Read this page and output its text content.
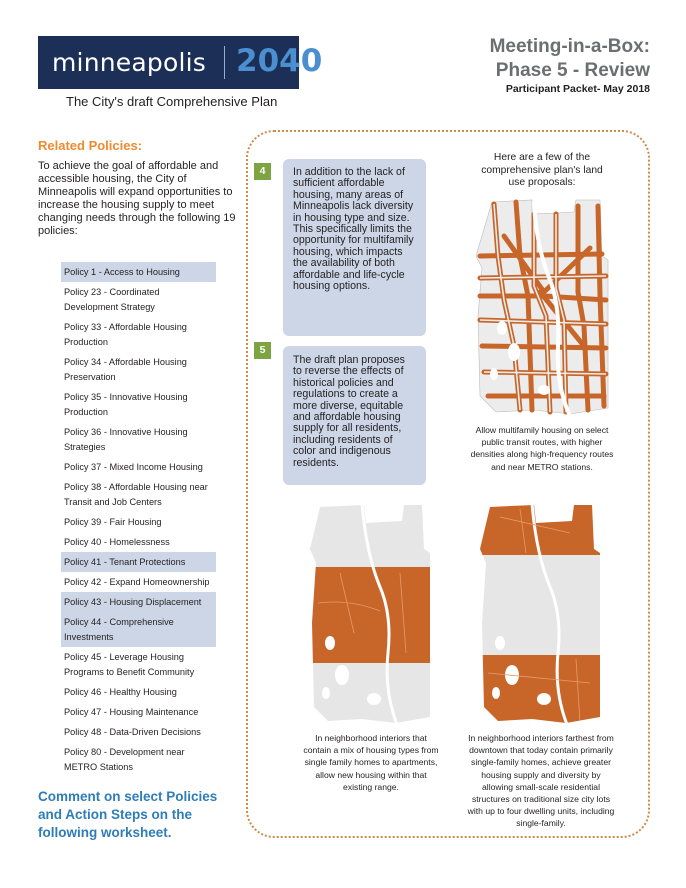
minneapolis 2040
The City's draft Comprehensive Plan
Meeting-in-a-Box:
Phase 5 - Review
Participant Packet- May 2018
Related Policies:
To achieve the goal of affordable and accessible housing, the City of Minneapolis will expand opportunities to increase the housing supply to meet changing needs through the following 19 policies:
Policy 1 - Access to Housing
Policy 23 - Coordinated Development Strategy
Policy 33 - Affordable Housing Production
Policy 34 - Affordable Housing Preservation
Policy 35 - Innovative Housing Production
Policy 36 - Innovative Housing Strategies
Policy 37 - Mixed Income Housing
Policy 38 - Affordable Housing near Transit and Job Centers
Policy 39 - Fair Housing
Policy 40 - Homelessness
Policy 41 - Tenant Protections
Policy 42 - Expand Homeownership
Policy 43 - Housing Displacement
Policy 44 - Comprehensive Investments
Policy 45 - Leverage Housing Programs to Benefit Community
Policy 46 - Healthy Housing
Policy 47 - Housing Maintenance
Policy 48 - Data-Driven Decisions
Policy 80 - Development near METRO Stations
Comment on select Policies and Action Steps on the following worksheet.
4	In addition to the lack of sufficient affordable housing, many areas of Minneapolis lack diversity in housing type and size. This specifically limits the opportunity for multifamily housing, which impacts the availability of both affordable and life-cycle housing options.
5
The draft plan proposes to reverse the effects of historical policies and regulations to create a more diverse, equitable and affordable housing supply for all residents, including residents of color and indigenous residents.
Here are a few of the comprehensive plan's land use proposals:
Allow multifamily housing on select public transit routes, with higher densities along high-frequency routes and near METRO stations.
In neighborhood interiors that contain a mix of housing types from single family homes to apartments, allow new housing within that existing range.
In neighborhood interiors farthest from downtown that today contain primarily single-family homes, achieve greater housing supply and diversity by allowing small-scale residential structures on traditional size city lots with up to four dwelling units, including single-family.
